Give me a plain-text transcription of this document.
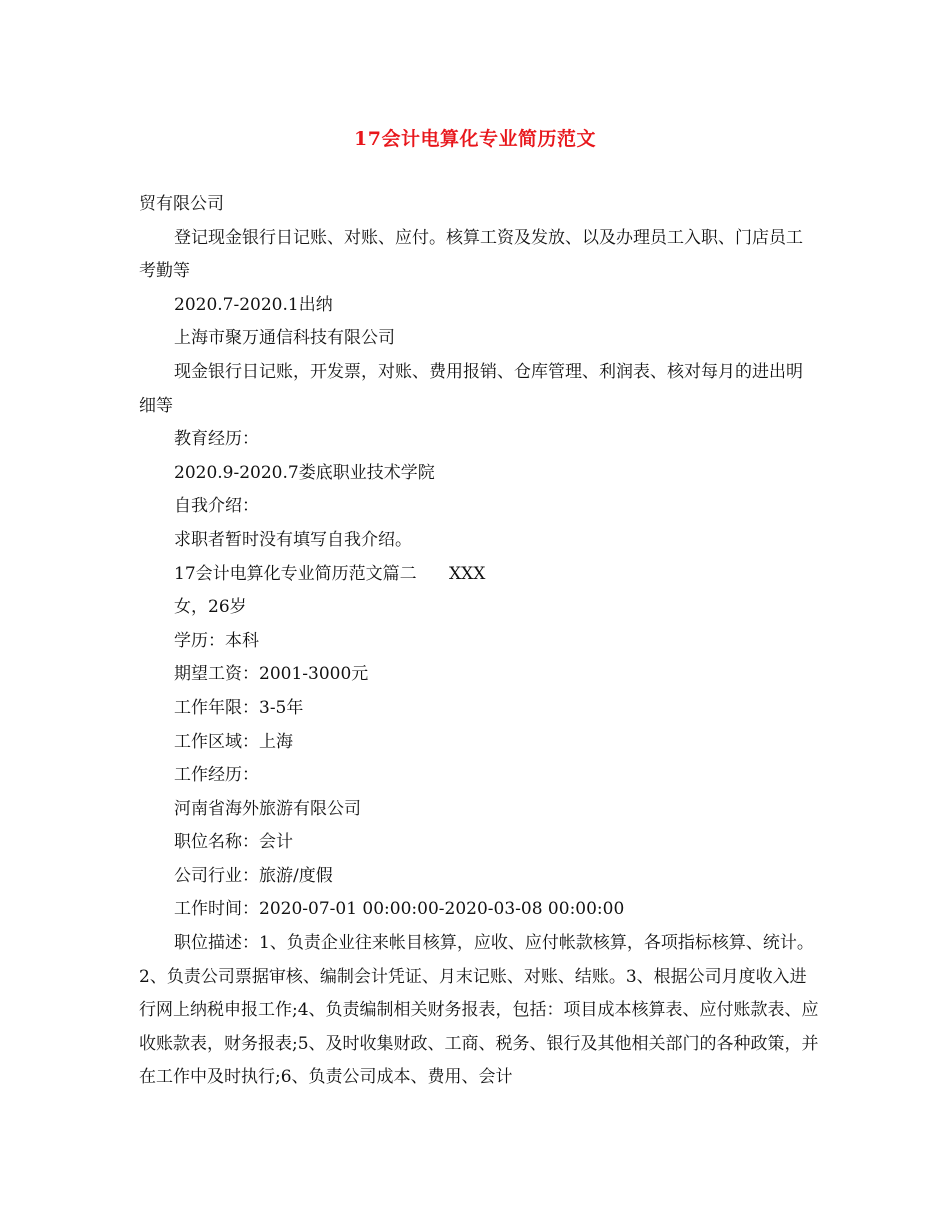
17会计电算化专业简历范文

贸有限公司

登记现金银行日记账、对账、应付。核算工资及发放、以及办理员工入职、门店员工考勤等

2020.7-2020.1出纳

上海市聚万通信科技有限公司

现金银行日记账，开发票，对账、费用报销、仓库管理、利润表、核对每月的进出明细等

教育经历：

2020.9-2020.7娄底职业技术学院

自我介绍：

求职者暂时没有填写自我介绍。

17会计电算化专业简历范文篇二      XXX

女，26岁

学历：本科

期望工资：2001-3000元

工作年限：3-5年

工作区域：上海

工作经历：

河南省海外旅游有限公司

职位名称：会计

公司行业：旅游/度假

工作时间：2020-07-01 00:00:00-2020-03-08 00:00:00

职位描述：1、负责企业往来帐目核算，应收、应付帐款核算，各项指标核算、统计。2、负责公司票据审核、编制会计凭证、月末记账、对账、结账。3、根据公司月度收入进行网上纳税申报工作;4、负责编制相关财务报表，包括：项目成本核算表、应付账款表、应收账款表，财务报表;5、及时收集财政、工商、税务、银行及其他相关部门的各种政策，并在工作中及时执行;6、负责公司成本、费用、会计
